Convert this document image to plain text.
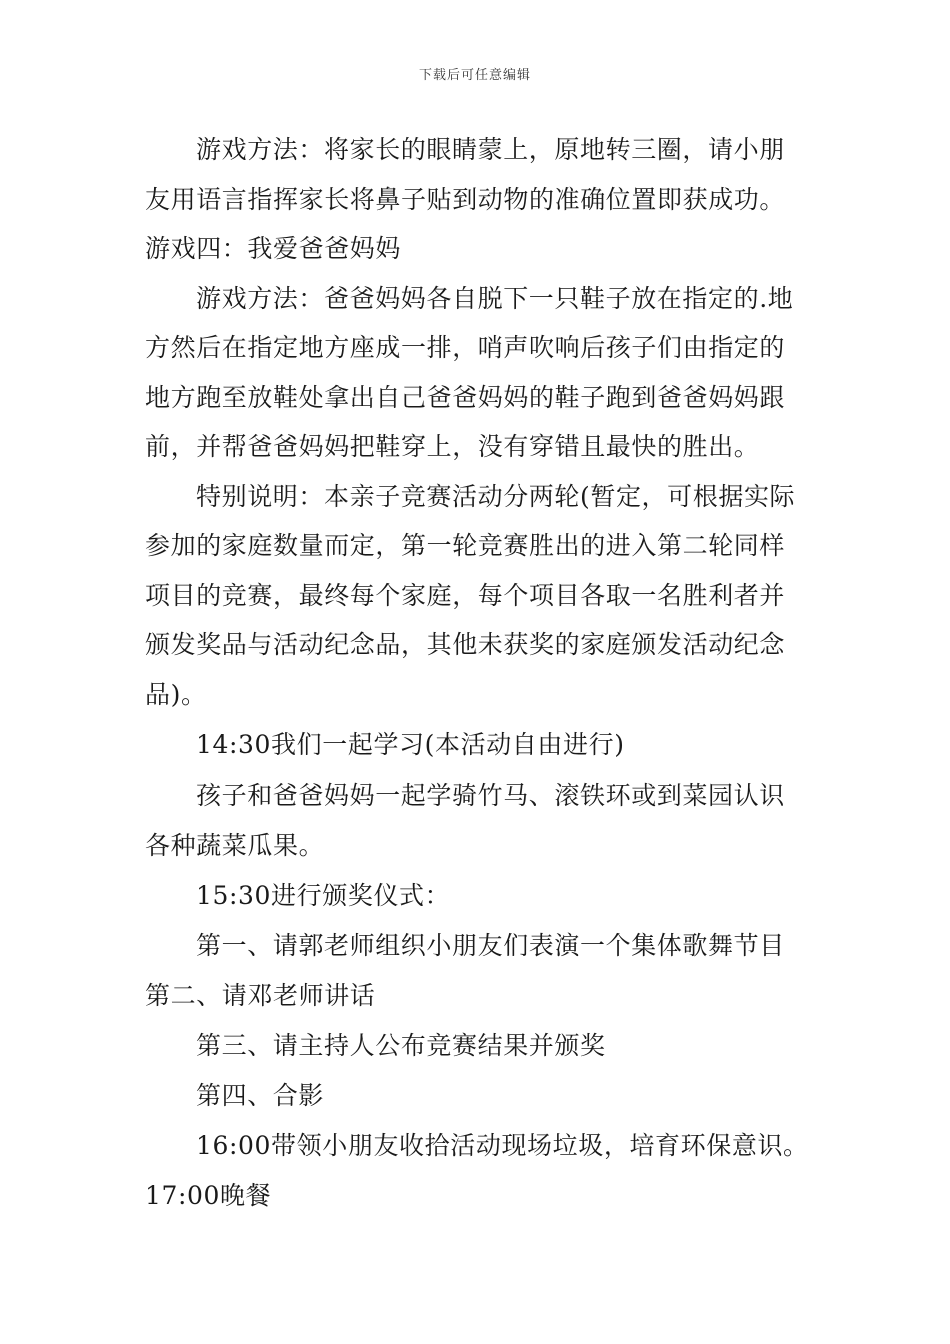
下载后可任意编辑
游戏方法：将家长的眼睛蒙上，原地转三圈，请小朋
友用语言指挥家长将鼻子贴到动物的准确位置即获成功。
游戏四：我爱爸爸妈妈
游戏方法：爸爸妈妈各自脱下一只鞋子放在指定的.地
方然后在指定地方座成一排，哨声吹响后孩子们由指定的
地方跑至放鞋处拿出自己爸爸妈妈的鞋子跑到爸爸妈妈跟
前，并帮爸爸妈妈把鞋穿上，没有穿错且最快的胜出。
特别说明：本亲子竞赛活动分两轮(暂定，可根据实际
参加的家庭数量而定，第一轮竞赛胜出的进入第二轮同样
项目的竞赛，最终每个家庭，每个项目各取一名胜利者并
颁发奖品与活动纪念品，其他未获奖的家庭颁发活动纪念
品)。
14:30我们一起学习(本活动自由进行)
孩子和爸爸妈妈一起学骑竹马、滚铁环或到菜园认识
各种蔬菜瓜果。
15:30进行颁奖仪式：
第一、请郭老师组织小朋友们表演一个集体歌舞节目
第二、请邓老师讲话
第三、请主持人公布竞赛结果并颁奖
第四、合影
16:00带领小朋友收拾活动现场垃圾，培育环保意识。
17:00晚餐
